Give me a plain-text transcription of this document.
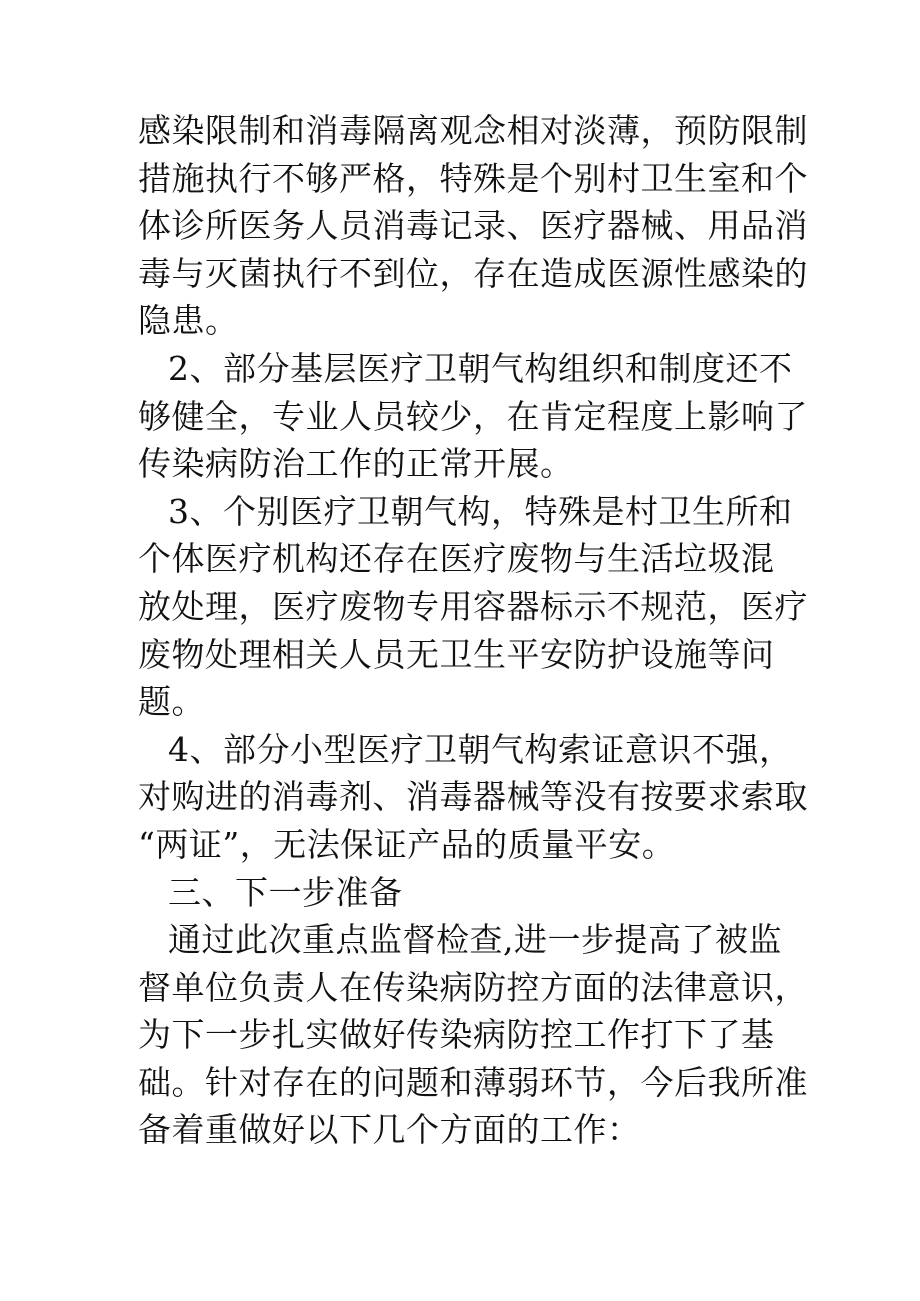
感染限制和消毒隔离观念相对淡薄，预防限制
措施执行不够严格，特殊是个别村卫生室和个
体诊所医务人员消毒记录、医疗器械、用品消
毒与灭菌执行不到位，存在造成医源性感染的
隐患。

2、部分基层医疗卫朝气构组织和制度还不
够健全，专业人员较少，在肯定程度上影响了
传染病防治工作的正常开展。

3、个别医疗卫朝气构，特殊是村卫生所和
个体医疗机构还存在医疗废物与生活垃圾混
放处理，医疗废物专用容器标示不规范，医疗
废物处理相关人员无卫生平安防护设施等问
题。

4、部分小型医疗卫朝气构索证意识不强，
对购进的消毒剂、消毒器械等没有按要求索取
“两证”，无法保证产品的质量平安。

三、下一步准备

通过此次重点监督检查,进一步提高了被监
督单位负责人在传染病防控方面的法律意识，
为下一步扎实做好传染病防控工作打下了基
础。针对存在的问题和薄弱环节，今后我所准
备着重做好以下几个方面的工作：
